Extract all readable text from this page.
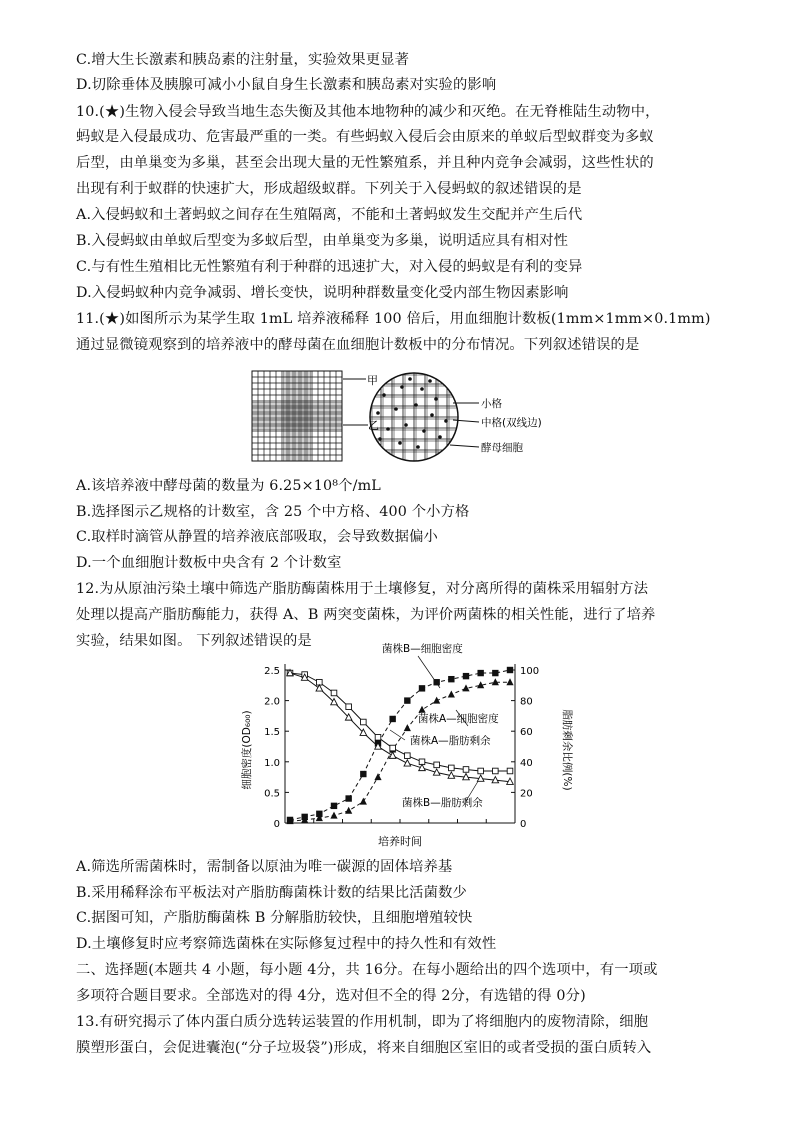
C.增大生长激素和胰岛素的注射量，实验效果更显著
D.切除垂体及胰腺可减小小鼠自身生长激素和胰岛素对实验的影响
10.(★)生物入侵会导致当地生态失衡及其他本地物种的减少和灭绝。在无脊椎陆生动物中，
蚂蚁是入侵最成功、危害最严重的一类。有些蚂蚁入侵后会由原来的单蚁后型蚁群变为多蚁
后型，由单巢变为多巢，甚至会出现大量的无性繁殖系，并且种内竞争会减弱，这些性状的
出现有利于蚁群的快速扩大，形成超级蚁群。下列关于入侵蚂蚁的叙述错误的是
A.入侵蚂蚁和土著蚂蚁之间存在生殖隔离，不能和土著蚂蚁发生交配并产生后代
B.入侵蚂蚁由单蚁后型变为多蚁后型，由单巢变为多巢，说明适应具有相对性
C.与有性生殖相比无性繁殖有利于种群的迅速扩大，对入侵的蚂蚁是有利的变异
D.入侵蚂蚁种内竞争减弱、增长变快，说明种群数量变化受内部生物因素影响
11.(★)如图所示为某学生取 1mL 培养液稀释 100 倍后，用血细胞计数板(1mm×1mm×0.1mm)
通过显微镜观察到的培养液中的酵母菌在血细胞计数板中的分布情况。下列叙述错误的是
甲
乙
小格
中格(双线边)
酵母细胞
A.该培养液中酵母菌的数量为 6.25×10⁸个/mL
B.选择图示乙规格的计数室，含 25 个中方格、400 个小方格
C.取样时滴管从静置的培养液底部吸取，会导致数据偏小
D.一个血细胞计数板中央含有 2 个计数室
12.为从原油污染土壤中筛选产脂肪酶菌株用于土壤修复，对分离所得的菌株采用辐射方法
处理以提高产脂肪酶能力，获得 A、B 两突变菌株，为评价两菌株的相关性能，进行了培养
实验，结果如图。 下列叙述错误的是
0
0.5
1.0
1.5
2.0
2.5
0
20
40
60
80
100
培养时间
细胞密度(OD₆₀₀)	脂肪剩余比例(%)
菌株B—细胞密度
菌株A—细胞密度
菌株A—脂肪剩余
菌株B—脂肪剩余
A.筛选所需菌株时，需制备以原油为唯一碳源的固体培养基
B.采用稀释涂布平板法对产脂肪酶菌株计数的结果比活菌数少
C.据图可知，产脂肪酶菌株 B 分解脂肪较快，且细胞增殖较快
D.土壤修复时应考察筛选菌株在实际修复过程中的持久性和有效性
二、选择题(本题共 4 小题，每小题 4分，共 16分。在每小题给出的四个选项中，有一项或
多项符合题目要求。全部选对的得 4分，选对但不全的得 2分，有选错的得 0分)
13.有研究揭示了体内蛋白质分选转运装置的作用机制，即为了将细胞内的废物清除，细胞
膜塑形蛋白，会促进囊泡(“分子垃圾袋”)形成，将来自细胞区室旧的或者受损的蛋白质转入
